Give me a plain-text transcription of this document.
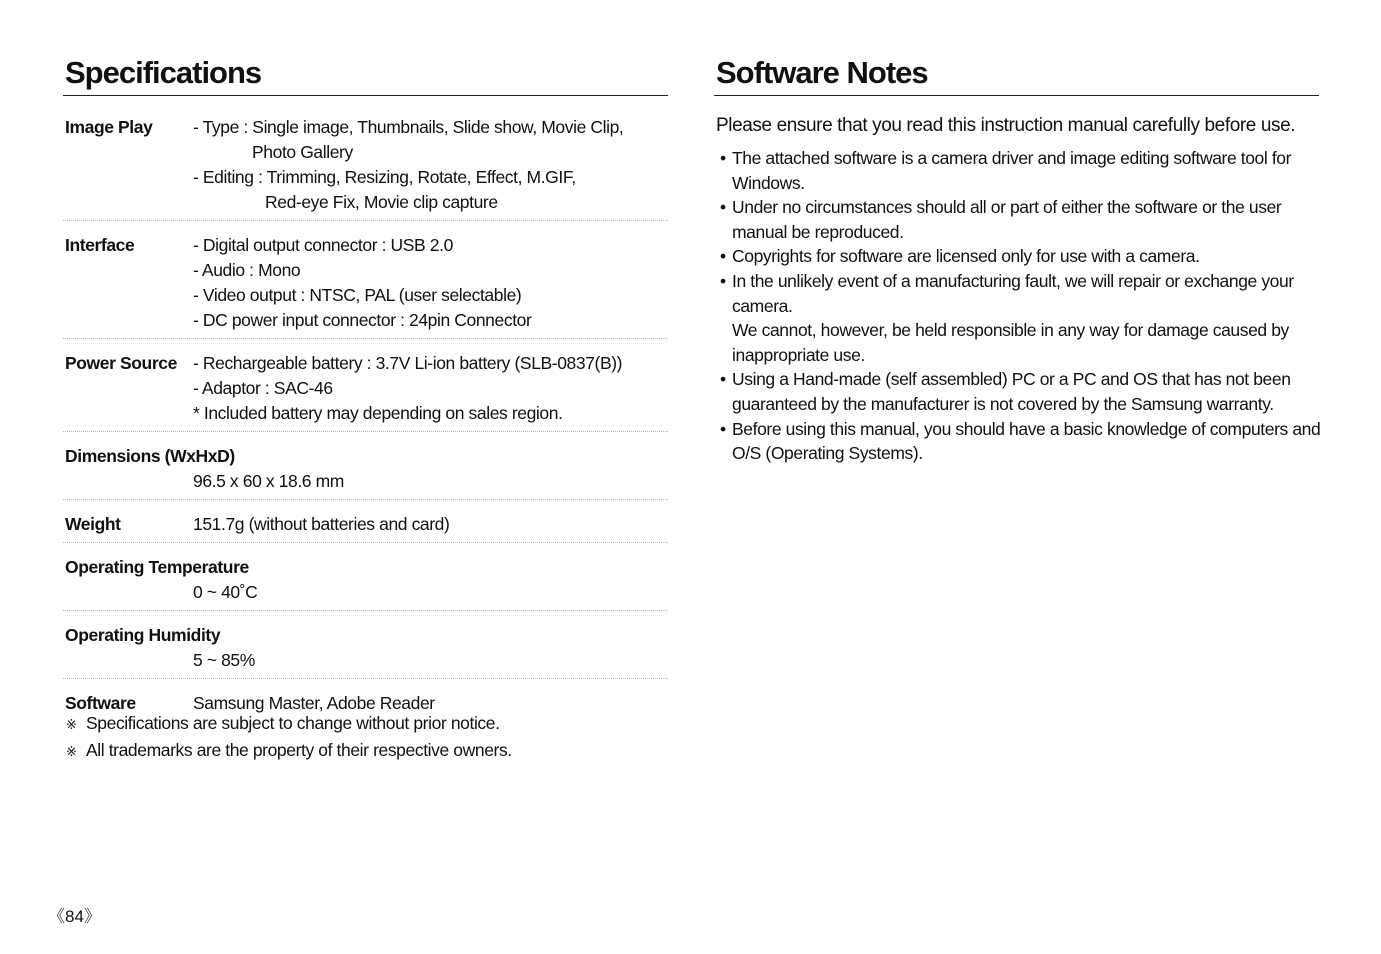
Specifications
Image Play - Type : Single image, Thumbnails, Slide show, Movie Clip,
Photo Gallery
- Editing : Trimming, Resizing, Rotate, Effect, M.GIF,
Red-eye Fix, Movie clip capture
Interface	- Digital output connector : USB 2.0
- Audio : Mono
- Video output : NTSC, PAL (user selectable)
- DC power input connector : 24pin Connector
Power Source - Rechargeable battery : 3.7V Li-ion battery (SLB-0837(B))
- Adaptor : SAC-46
* Included battery may depending on sales region.
Dimensions (WxHxD)
96.5 x 60 x 18.6 mm
Weight	151.7g (without batteries and card)
Operating Temperature
0 ~ 40˚C
Operating Humidity
5 ~ 85%
Software	Samsung Master, Adobe Reader
※ Specifications are subject to change without prior notice.
※ All trademarks are the property of their respective owners.
《84》
Software Notes
Please ensure that you read this instruction manual carefully before use.
• The attached software is a camera driver and image editing software tool for
Windows.
• Under no circumstances should all or part of either the software or the user
manual be reproduced.
• Copyrights for software are licensed only for use with a camera.
• In the unlikely event of a manufacturing fault, we will repair or exchange your
camera.
We cannot, however, be held responsible in any way for damage caused by
inappropriate use.
• Using a Hand-made (self assembled) PC or a PC and OS that has not been
guaranteed by the manufacturer is not covered by the Samsung warranty.
• Before using this manual, you should have a basic knowledge of computers and
O/S (Operating Systems).
